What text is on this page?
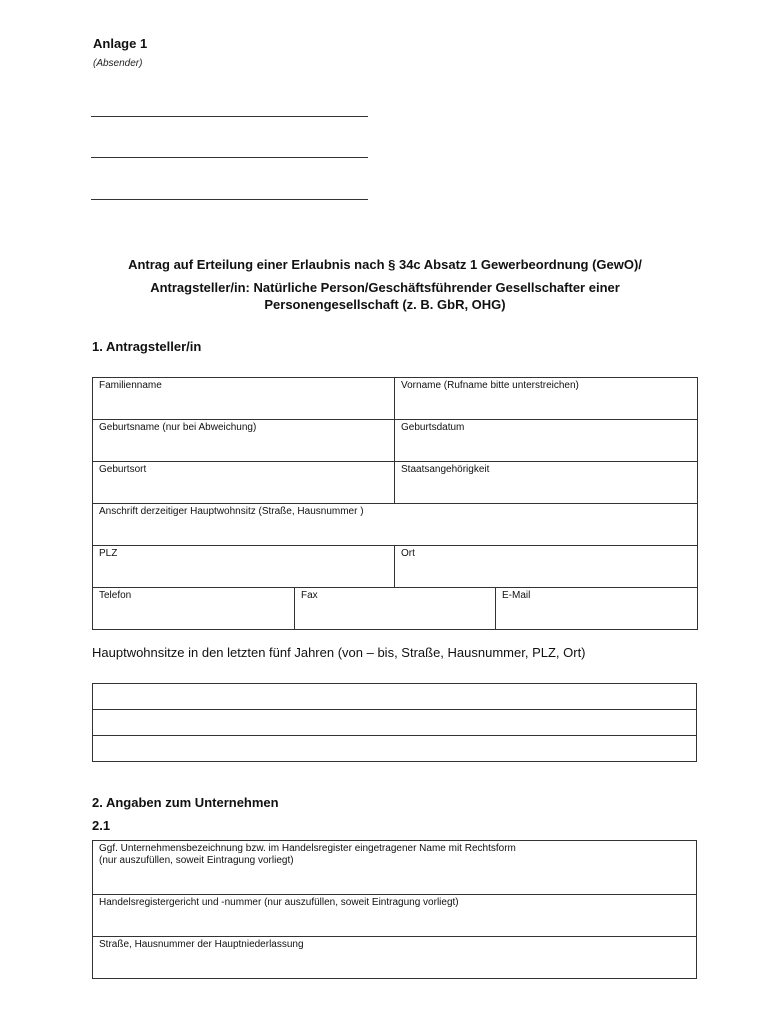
Anlage 1
(Absender)
Antrag auf Erteilung einer Erlaubnis nach § 34c Absatz 1 Gewerbeordnung (GewO)/
Antragsteller/in: Natürliche Person/Geschäftsführender Gesellschafter einer
Personengesellschaft (z. B. GbR, OHG)
1. Antragsteller/in
Familienname		Vorname (Rufname bitte unterstreichen)	
Geburtsname (nur bei Abweichung)		Geburtsdatum	
Geburtsort		Staatsangehörigkeit	
Anschrift derzeitiger Hauptwohnsitz (Straße, Hausnummer )			
PLZ		Ort	
Telefon	Fax		E-Mail
Hauptwohnsitze in den letzten fünf Jahren (von – bis, Straße, Hausnummer, PLZ, Ort)

2. Angaben zum Unternehmen
2.1
Ggf. Unternehmensbezeichnung bzw. im Handelsregister eingetragener Name mit Rechtsform
(nur auszufüllen, soweit Eintragung vorliegt)

Handelsregistergericht und -nummer (nur auszufüllen, soweit Eintragung vorliegt)
Straße, Hausnummer der Hauptniederlassung
